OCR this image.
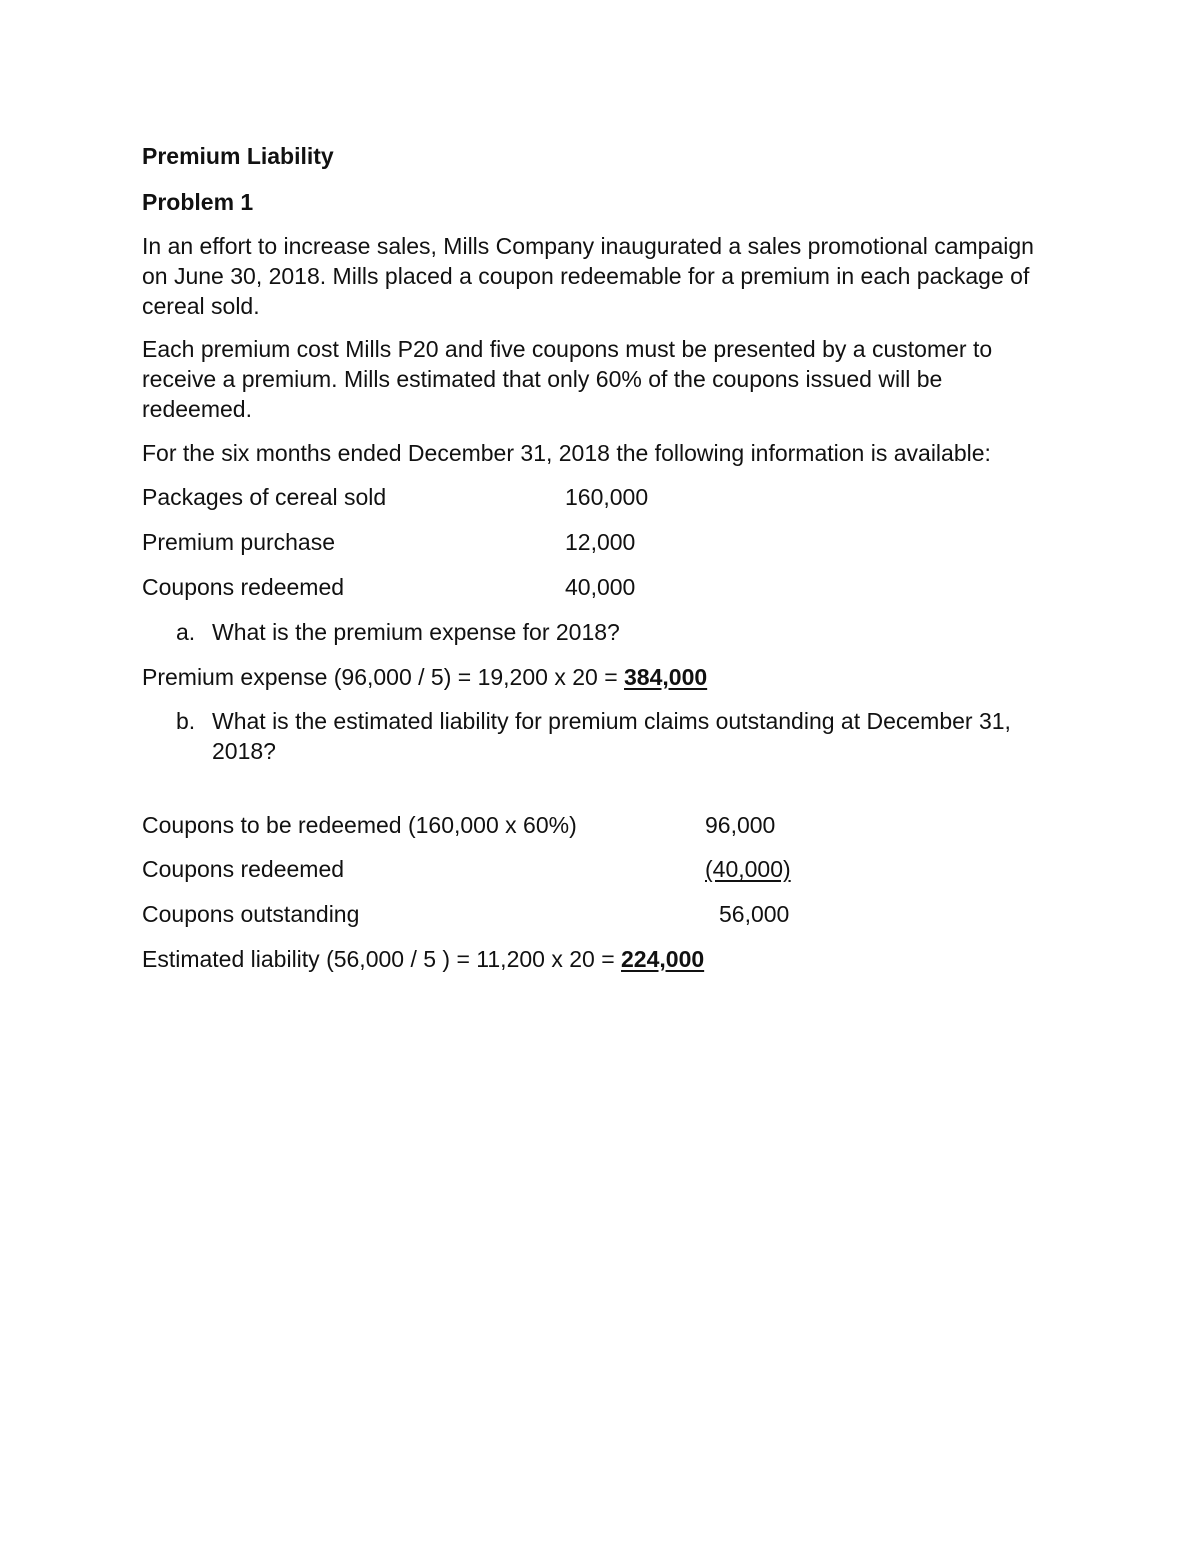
Premium Liability
Problem 1
In an effort to increase sales, Mills Company inaugurated a sales promotional campaign
on June 30, 2018. Mills placed a coupon redeemable for a premium in each package of
cereal sold.
Each premium cost Mills P20 and five coupons must be presented by a customer to
receive a premium. Mills estimated that only 60% of the coupons issued will be
redeemed.
For the six months ended December 31, 2018 the following information is available:
Packages of cereal sold	160,000
Premium purchase	12,000
Coupons redeemed	40,000
a. What is the premium expense for 2018?
Premium expense (96,000 / 5) = 19,200 x 20 = 384,000
b. What is the estimated liability for premium claims outstanding at December 31,
2018?
Coupons to be redeemed (160,000 x 60%)	96,000
Coupons redeemed	(40,000)
Coupons outstanding	56,000
Estimated liability (56,000 / 5 ) = 11,200 x 20 = 224,000
